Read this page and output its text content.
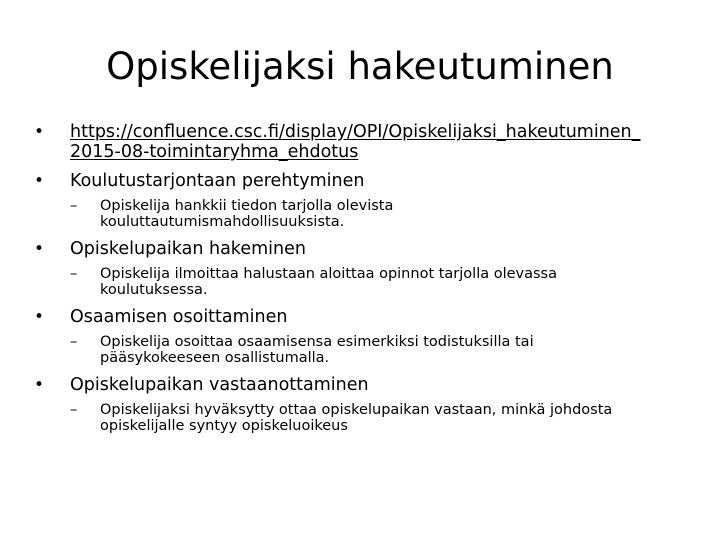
Opiskelijaksi hakeutuminen
• https://confluence.csc.fi/display/OPI/Opiskelijaksi_hakeutuminen_
2015-08-toimintaryhma_ehdotus
• Koulutustarjontaan perehtyminen
– Opiskelija hankkii tiedon tarjolla olevista
kouluttautumismahdollisuuksista.
• Opiskelupaikan hakeminen
– Opiskelija ilmoittaa halustaan aloittaa opinnot tarjolla olevassa
koulutuksessa.
• Osaamisen osoittaminen
– Opiskelija osoittaa osaamisensa esimerkiksi todistuksilla tai
pääsykokeeseen osallistumalla.
• Opiskelupaikan vastaanottaminen
– Opiskelijaksi hyväksytty ottaa opiskelupaikan vastaan, minkä johdosta
opiskelijalle syntyy opiskeluoikeus
